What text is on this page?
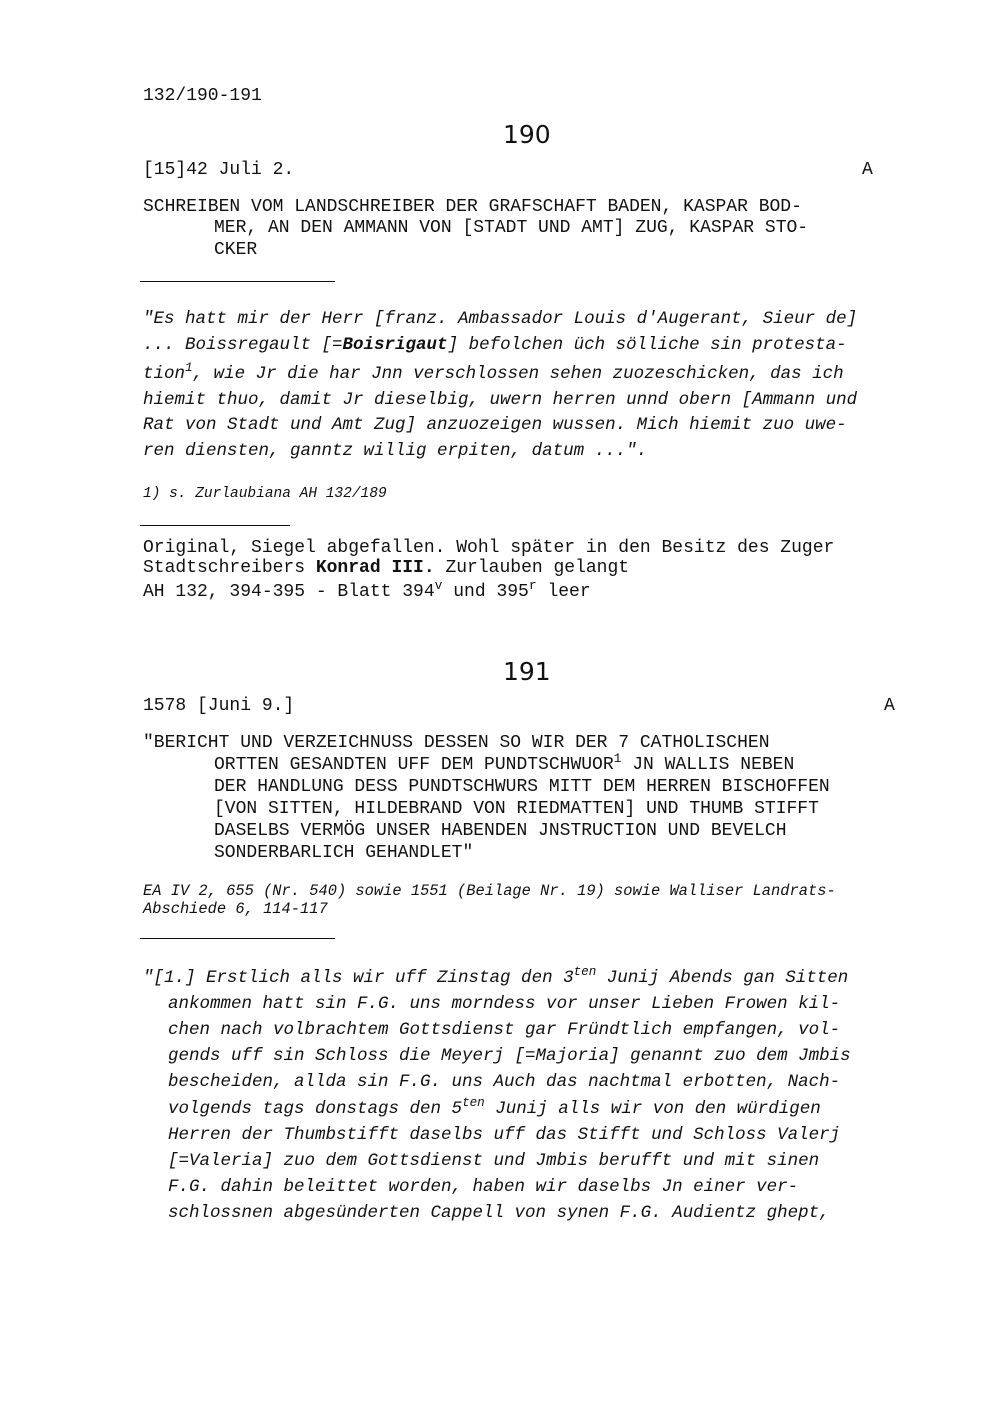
132/190-191
190
[15]42 Juli 2.	A
SCHREIBEN VOM LANDSCHREIBER DER GRAFSCHAFT BADEN, KASPAR BOD-
MER, AN DEN AMMANN VON [STADT UND AMT] ZUG, KASPAR STO-
CKER
"Es hatt mir der Herr [franz. Ambassador Louis d'Augerant, Sieur de]
... Boissregault [=Boisrigaut] befolchen üch sölliche sin protesta-
tion$^1$, wie Jr die har Jnn verschlossen sehen zuozeschicken, das ich
hiemit thuo, damit Jr dieselbig, uwern herren unnd obern [Ammann und
Rat von Stadt und Amt Zug] anzuozeigen wussen. Mich hiemit zuo uwe-
ren diensten, ganntz willig erpiten, datum ...".
1) s. Zurlaubiana AH 132/189
Original, Siegel abgefallen. Wohl später in den Besitz des Zuger
Stadtschreibers Konrad III. Zurlauben gelangt
AH 132, 394-395 - Blatt 394$^v$ und 395$^r$ leer
191
1578 [Juni 9.]	A
"BERICHT UND VERZEICHNUSS DESSEN SO WIR DER 7 CATHOLISCHEN
ORTTEN GESANDTEN UFF DEM PUNDTSCHWUOR$^1$ JN WALLIS NEBEN
DER HANDLUNG DESS PUNDTSCHWURS MITT DEM HERREN BISCHOFFEN
[VON SITTEN, HILDEBRAND VON RIEDMATTEN] UND THUMB STIFFT
DASELBS VERMÖG UNSER HABENDEN JNSTRUCTION UND BEVELCH
SONDERBARLICH GEHANDLET"
EA IV 2, 655 (Nr. 540) sowie 1551 (Beilage Nr. 19) sowie Walliser Landrats-
Abschiede 6, 114-117
"[1.] Erstlich alls wir uff Zinstag den $3^{ten}$ Junij Abends gan Sitten
ankommen hatt sin F.G. uns morndess vor unser Lieben Frowen kil-
chen nach volbrachtem Gottsdienst gar Fründtlich empfangen, vol-
gends uff sin Schloss die Meyerj [=Majoria] genannt zuo dem Jmbis
bescheiden, allda sin F.G. uns Auch das nachtmal erbotten, Nach-
volgends tags donstags den $5^{ten}$ Junij alls wir von den würdigen
Herren der Thumbstifft daselbs uff das Stifft und Schloss Valerj
[=Valeria] zuo dem Gottsdienst und Jmbis berufft und mit sinen
F.G. dahin beleittet worden, haben wir daselbs Jn einer ver-
schlossnen abgesünderten Cappell von synen F.G. Audientz ghept,
